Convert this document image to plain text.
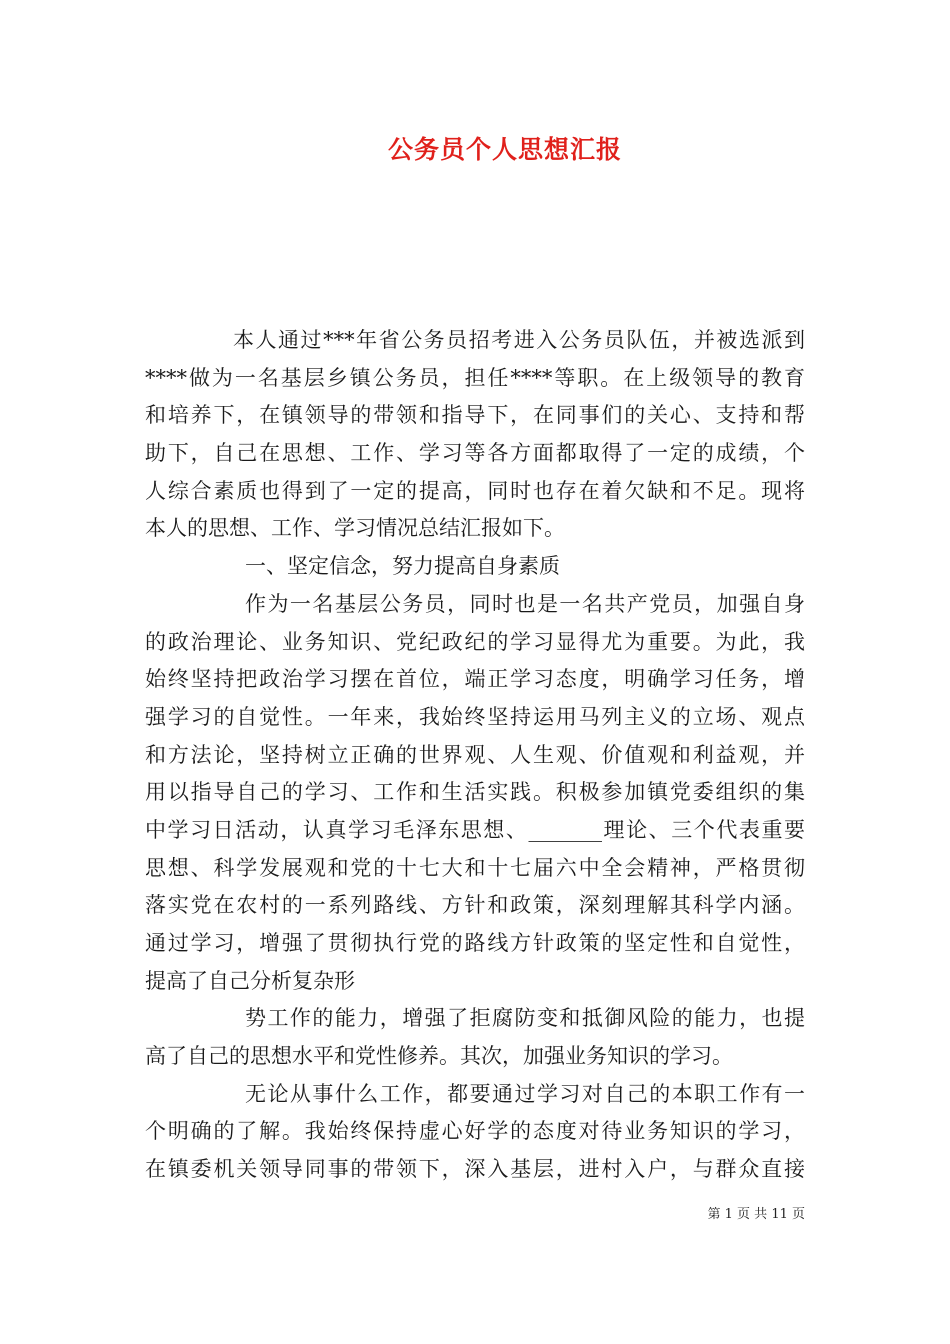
公务员个人思想汇报
本人通过***年省公务员招考进入公务员队伍，并被选派到
****做为一名基层乡镇公务员，担任****等职。在上级领导的教育
和培养下，在镇领导的带领和指导下，在同事们的关心、支持和帮
助下，自己在思想、工作、学习等各方面都取得了一定的成绩，个
人综合素质也得到了一定的提高，同时也存在着欠缺和不足。现将
本人的思想、工作、学习情况总结汇报如下。
一、坚定信念，努力提高自身素质
作为一名基层公务员，同时也是一名共产党员，加强自身
的政治理论、业务知识、党纪政纪的学习显得尤为重要。为此，我
始终坚持把政治学习摆在首位，端正学习态度，明确学习任务，增
强学习的自觉性。一年来，我始终坚持运用马列主义的立场、观点
和方法论，坚持树立正确的世界观、人生观、价值观和利益观，并
用以指导自己的学习、工作和生活实践。积极参加镇党委组织的集
中学习日活动，认真学习毛泽东思想、_______理论、三个代表重要
思想、科学发展观和党的十七大和十七届六中全会精神，严格贯彻
落实党在农村的一系列路线、方针和政策，深刻理解其科学内涵。
通过学习，增强了贯彻执行党的路线方针政策的坚定性和自觉性，
提高了自己分析复杂形
势工作的能力，增强了拒腐防变和抵御风险的能力，也提
高了自己的思想水平和党性修养。其次，加强业务知识的学习。
无论从事什么工作，都要通过学习对自己的本职工作有一
个明确的了解。我始终保持虚心好学的态度对待业务知识的学习，
在镇委机关领导同事的带领下，深入基层，进村入户，与群众直接
第 1 页 共 11 页
